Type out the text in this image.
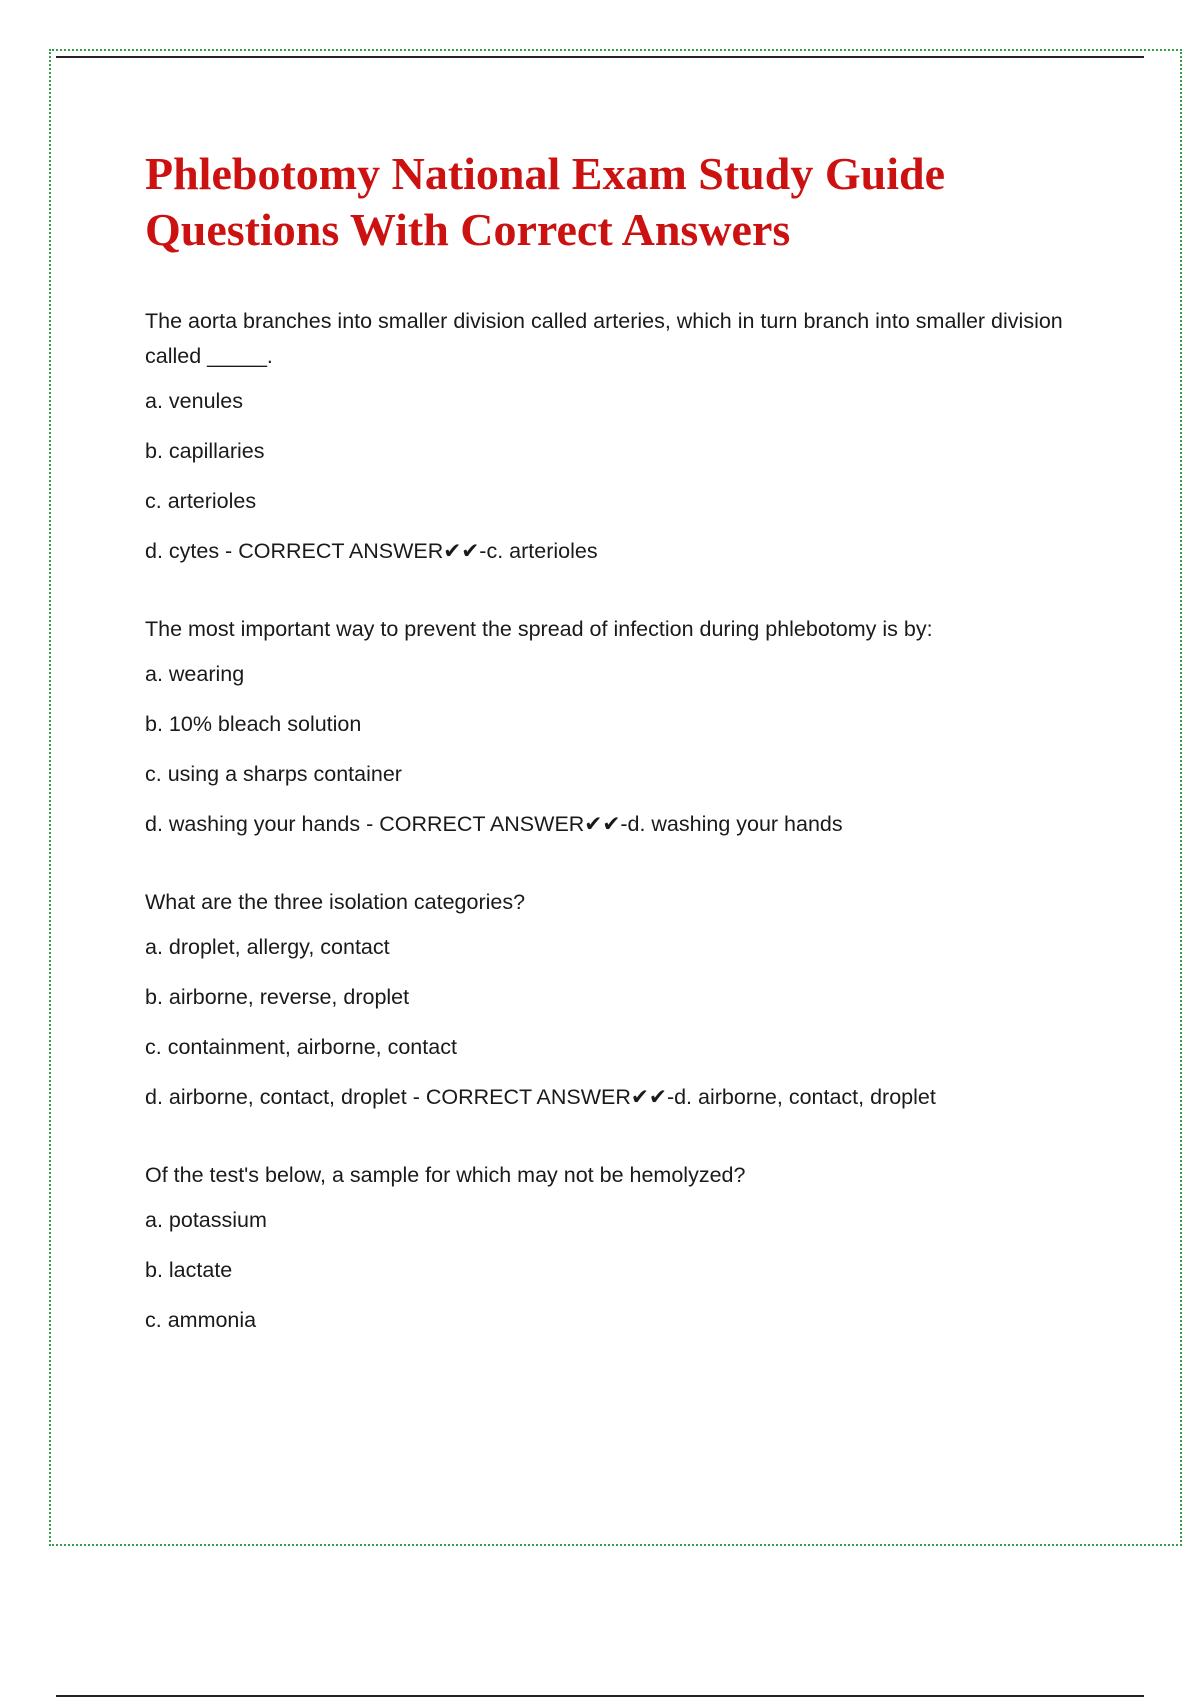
Phlebotomy National Exam Study Guide Questions With Correct Answers

The aorta branches into smaller division called arteries, which in turn branch into smaller division called _____.

a. venules

b. capillaries

c. arterioles

d. cytes - CORRECT ANSWER✔✔-c. arterioles

The most important way to prevent the spread of infection during phlebotomy is by:

a. wearing

b. 10% bleach solution

c. using a sharps container

d. washing your hands - CORRECT ANSWER✔✔-d. washing your hands

What are the three isolation categories?

a. droplet, allergy, contact

b. airborne, reverse, droplet

c. containment, airborne, contact

d. airborne, contact, droplet - CORRECT ANSWER✔✔-d. airborne, contact, droplet

Of the test's below, a sample for which may not be hemolyzed?

a. potassium

b. lactate

c. ammonia
